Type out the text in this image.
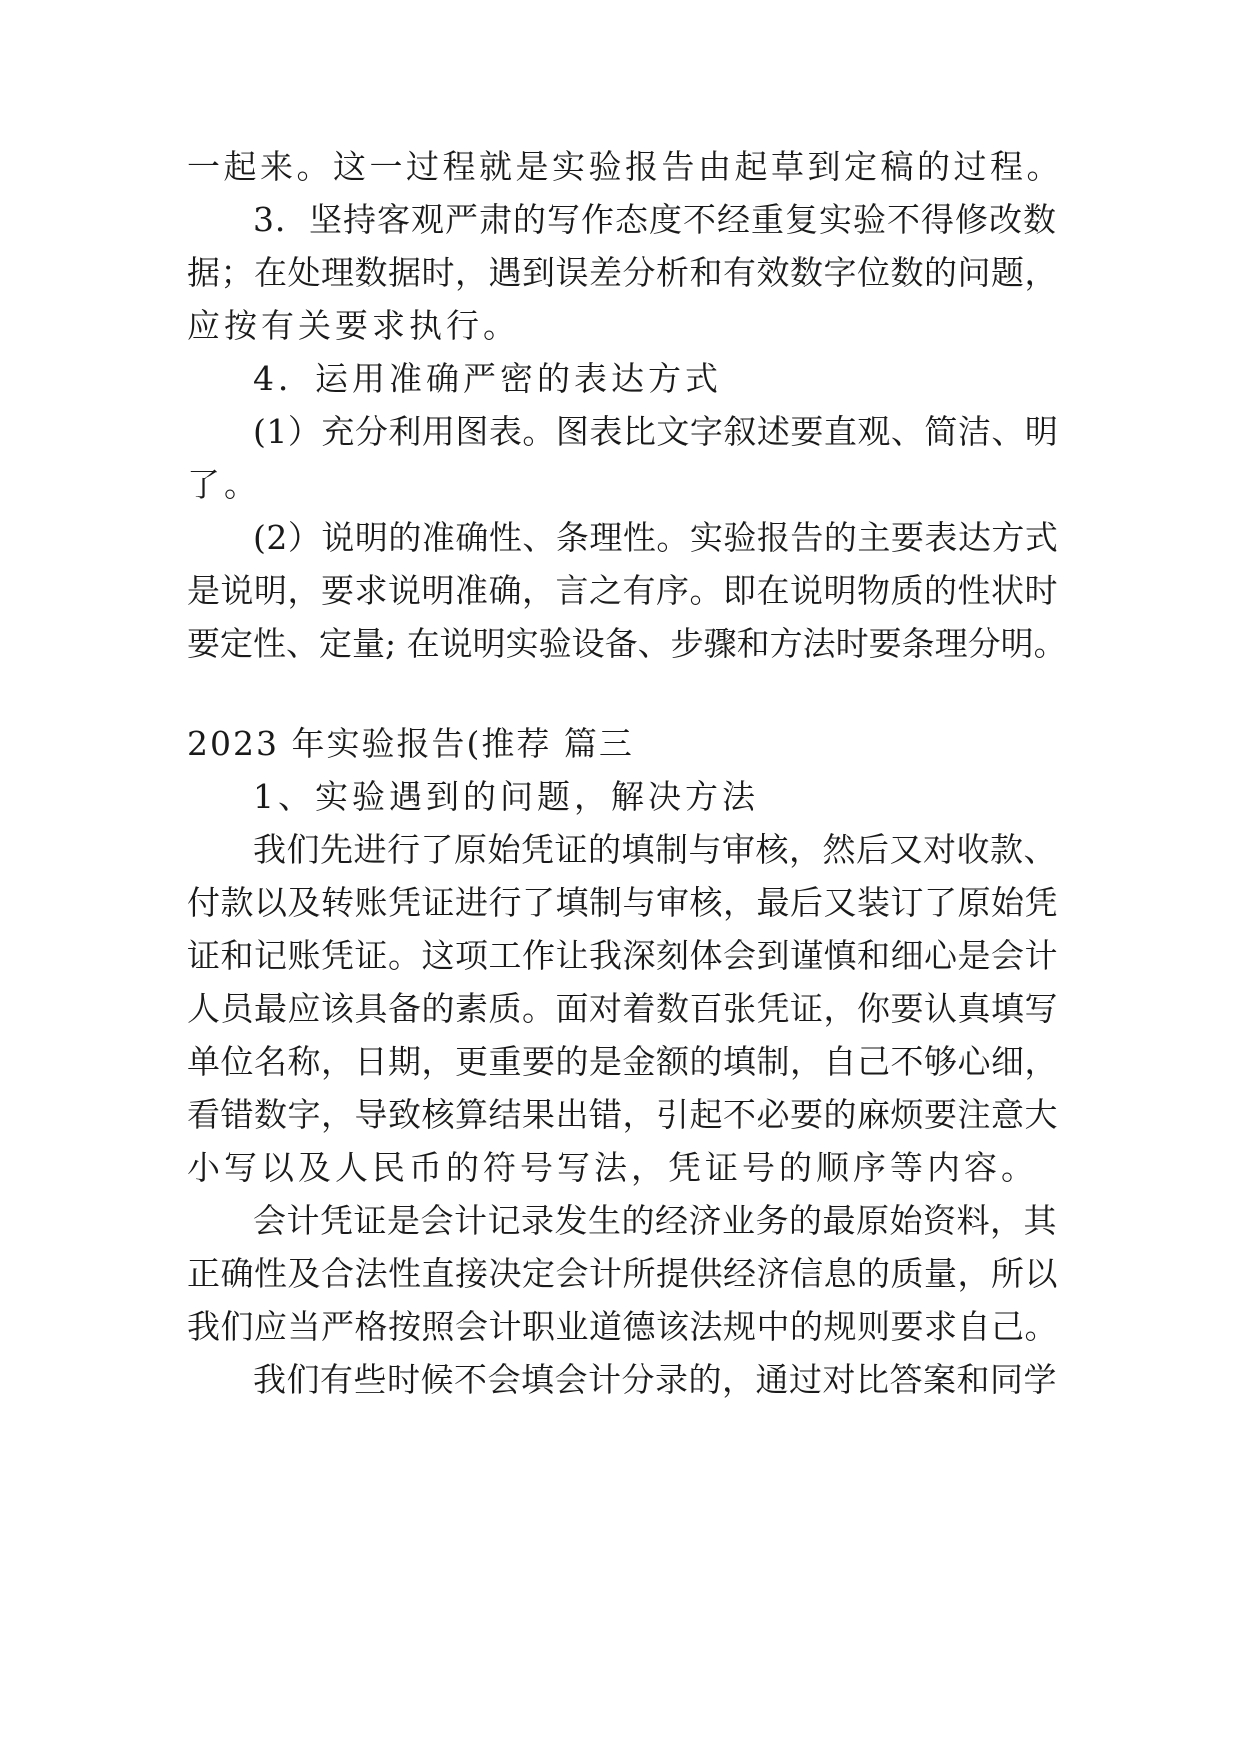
一起来。这一过程就是实验报告由起草到定稿的过程。
3．坚持客观严肃的写作态度不经重复实验不得修改数
据；在处理数据时，遇到误差分析和有效数字位数的问题，
应按有关要求执行。
4．运用准确严密的表达方式
(1）充分利用图表。图表比文字叙述要直观、简洁、明
了。
(2）说明的准确性、条理性。实验报告的主要表达方式
是说明，要求说明准确，言之有序。即在说明物质的性状时
要定性、定量; 在说明实验设备、步骤和方法时要条理分明。
2023 年实验报告(推荐 篇三
1、实验遇到的问题，解决方法
我们先进行了原始凭证的填制与审核，然后又对收款、
付款以及转账凭证进行了填制与审核，最后又装订了原始凭
证和记账凭证。这项工作让我深刻体会到谨慎和细心是会计
人员最应该具备的素质。面对着数百张凭证，你要认真填写
单位名称，日期，更重要的是金额的填制，自己不够心细，
看错数字，导致核算结果出错，引起不必要的麻烦要注意大
小写以及人民币的符号写法，凭证号的顺序等内容。
会计凭证是会计记录发生的经济业务的最原始资料，其
正确性及合法性直接决定会计所提供经济信息的质量，所以
我们应当严格按照会计职业道德该法规中的规则要求自己。
我们有些时候不会填会计分录的，通过对比答案和同学
